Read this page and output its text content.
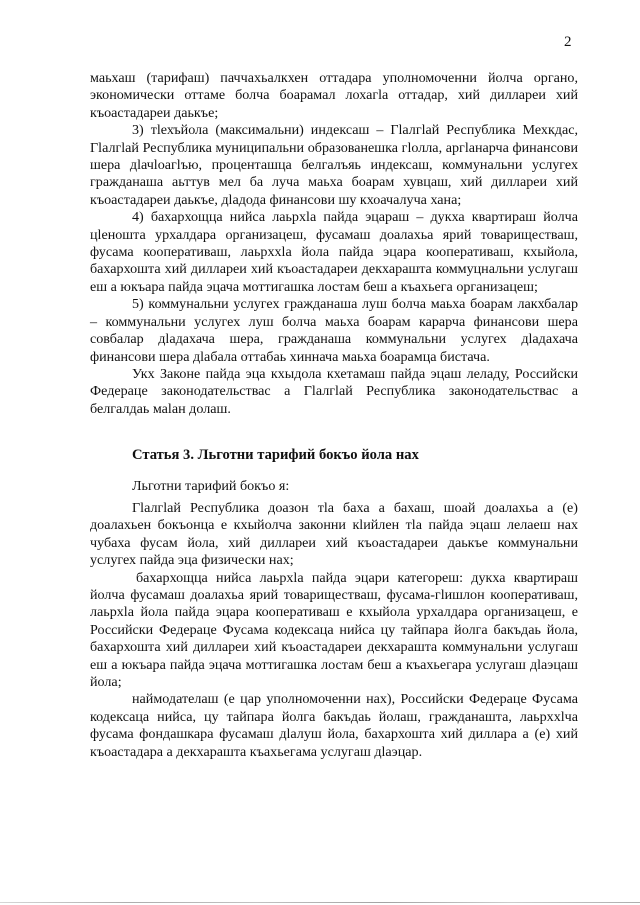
2

маьхаш (тарифаш) паччахьалкхен оттадара уполномоченни йолча органо, экономически оттаме болча боарамал лохагlа оттадар, хий диллареи хий къоастадареи даькъе;

3) тlехъйола (максимальни) индексаш – Гlалгlай Республика Мехкдас, Гlалгlай Республика муниципальни образованешка гlолла, аргlанарча финансови шера дlачlоагlъю, проценташца белгалъяь индексаш, коммунальни услугех гражданаша аьттув мел ба луча маьха боарам хувцаш, хий диллареи хий къоастадареи даькъе, дlадода финансови шу кхоачалуча хана;

4) бахархощца нийса лаьрхlа пайда эцараш – дукха квартираш йолча цlеношта урхалдара организацеш, фусамаш доалахьа ярий товариществаш, фусама кооперативаш, лаьрххlа йола пайда эцара кооперативаш, кхыйола, бахархошта хий диллареи хий къоастадареи декхараштa коммуцнальни услугаш еш а юкъара пайда эцача моттигашка лостам беш а къахьега организацеш;

5) коммунальни услугех гражданаша луш болча маьха боарам лакхбалар – коммунальни услугех луш болча маьха боарам карарча финансови шера совбалар дlадахача шера, гражданаша коммунальни услугех дlадахача финансови шера дlабала оттабаь хиннача маьха боарамца бистача.

Укх Законе пайда эца кхыдола кхетамаш пайда эцаш леладу, Российски Федераце законодательствас а Гlалгlай Республика законодательствас а белгалдаь маlан долаш.

Статья 3. Льготни тарифий бокъо йола нах

Льготни тарифий бокъо я:

Гlалгlай Республика доазон тlа баха а бахаш, шоай доалахьа а (е) доалахьен бокъонца е кхыйолча законни кlийлен тlа пайда эцаш лелаеш нах чубаха фусам йола, хий диллареи хий къоастадареи даькъе коммунальни услугех пайда эца физически нах;

бахархощца нийса лаьрхlа пайда эцари категореш: дукха квартираш йолча фусамаш доалахьа ярий товариществаш, фусама-гlишлон кооперативаш, лаьрхlа йола пайда эцара кооперативаш е кхыйола урхалдара организацеш, е Российски Федераце Фусама кодексаца нийса цу тайпара йолга бакъдаь йола, бахархошта хий диллареи хий къоастадареи декхараштa коммунальни услугаш еш а юкъара пайда эцача моттигашка лостам беш а къахьегара услугаш дlаэцаш йола;

наймодателаш (е цар уполномоченни нах), Российски Федераце Фусама кодексаца нийса, цу тайпара йолга бакъдаь йолаш, гражданашта, лаьрххlча фусама фондашкара фусамаш дlалуш йола, бахархошта хий диллара а (е) хий къоастадара а декхараштa къахьегама услугаш дlаэцар.
